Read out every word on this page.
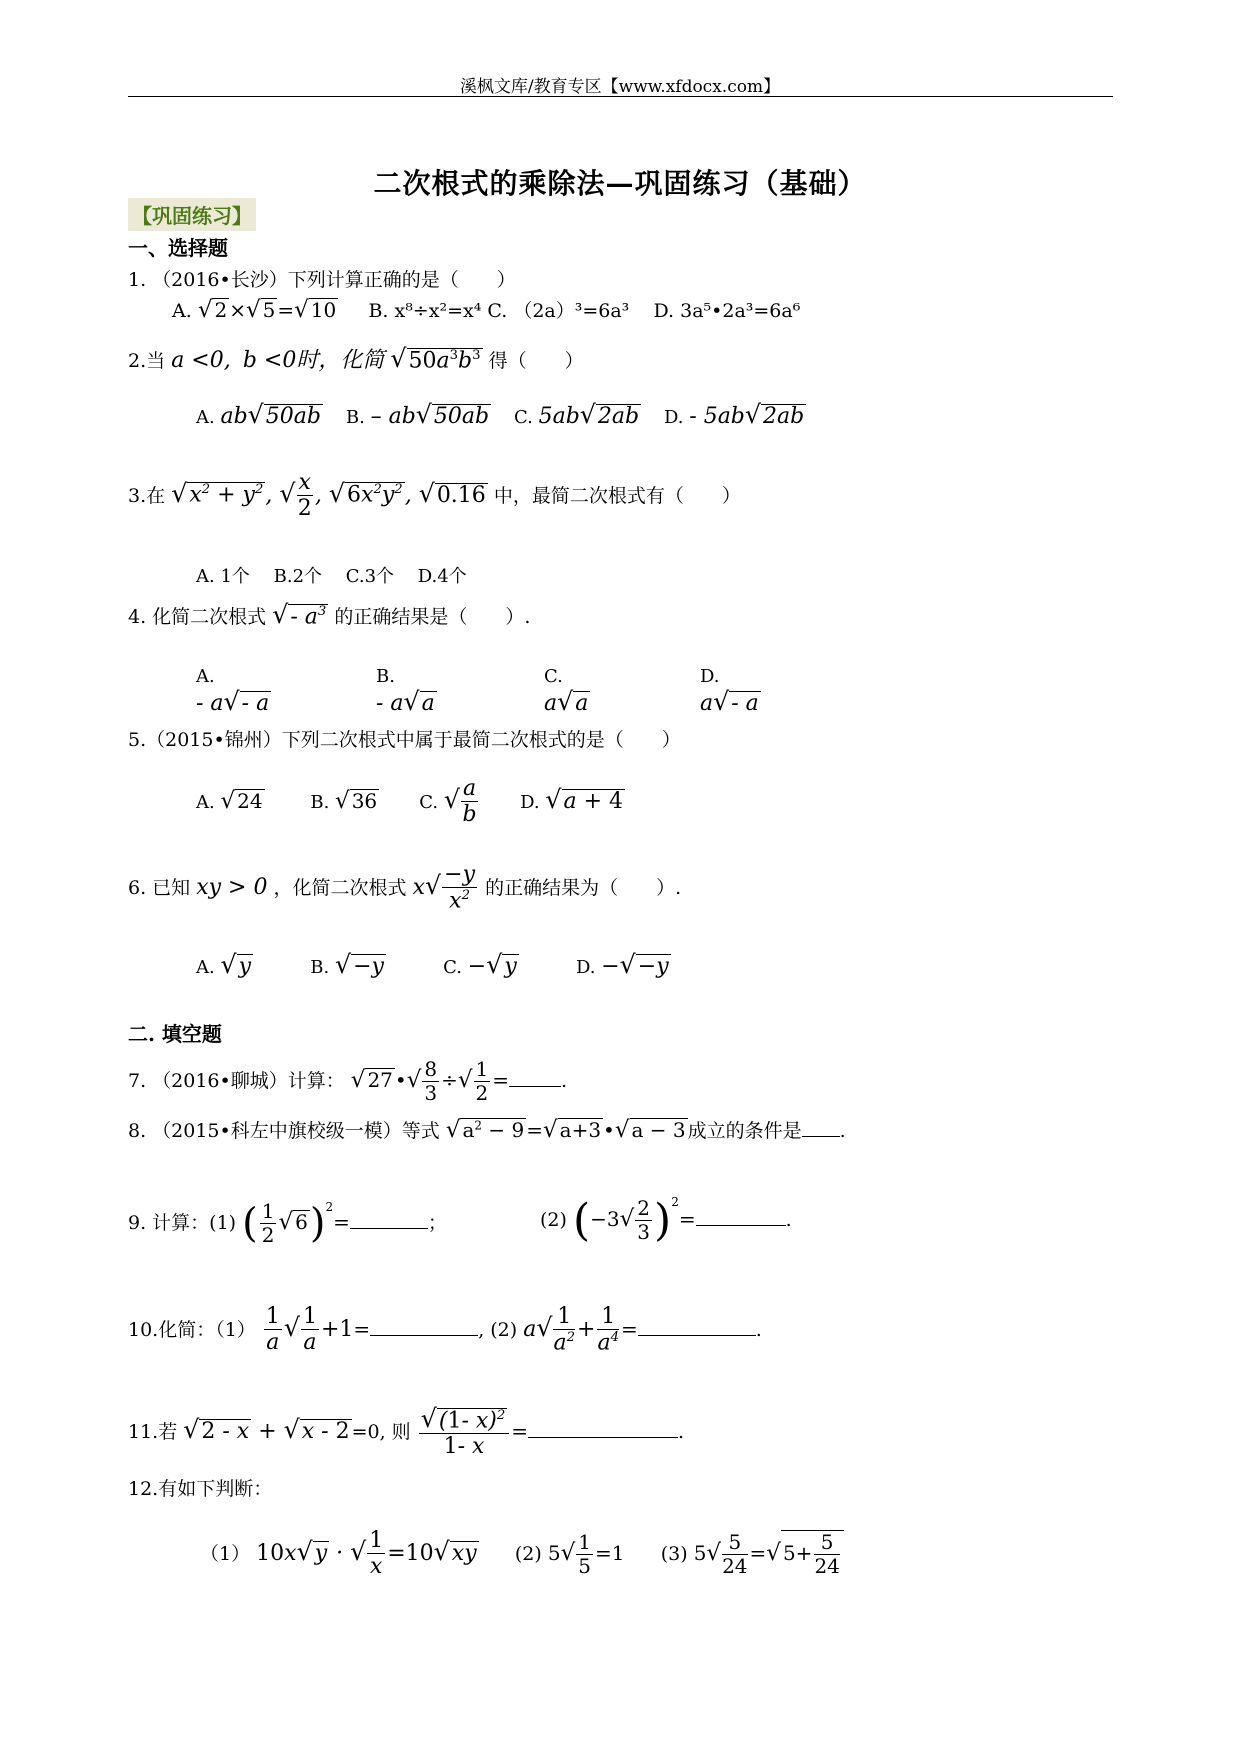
溪枫文库/教育专区【www.xfdocx.com】
二次根式的乘除法—巩固练习（基础）
【巩固练习】
一、选择题
1. （2016•长沙）下列计算正确的是（　　）
A. √ 2 ×√ 5 =√ 10 B. x⁸÷x²=x⁴ C. （2a）³=6a³ D. 3a⁵•2a³=6a⁶
2.当 a <0, b <0时，化简 $√50a^3b^3$ 得（　　）
A. ab√50ab B. – ab√50ab C. 5ab√2ab D. - 5ab√2ab
3.在 $√x^2 + y^2$, √ $\frac{x}{2}$ , $√6x^2y^2$, √0.16 中，最简二次根式有（　　）
A. 1个　 B.2个　 C.3个　 D.4个
4. 化简二次根式 √- $a^3$ 的正确结果是（　　）.
A.
- a√- a
B.
- a√a
C.
a√a
D.
a√- a
5.（2015•锦州）下列二次根式中属于最简二次根式的是（　　）
A. √ 24	B. √ 36 C. √ $\frac{a}{b} D$. √a + 4
6. 已知 xy > 0 ，化简二次根式 $x√ \frac{-y}{x^2}$ 的正确结果为（　　）.
A. √y	B. √−y	C. −√y	D. −√−y
二. 填空题
7. （2016•聊城）计算： √ 27 •√ $\frac{8}{3}$ ÷√ $\frac{1}{2}$ =	.
8. （2015•科左中旗校级一模）等式 √ $a^2 - 9$ =√ a+3 •√ a − 3 成立的条件是 .
9. 计算：(1) ( $\frac{1}{2}$ √ 6)$^2$=	；	(2) $(-3√ \frac{2}{3} )^2=$	.
10.化简：$(1) \frac{1}{a}$ √ $\frac{1}{a} +1=$	, (2) $a√ \frac{1}{a^2} + \frac{1}{a^4}$ =	.
11.若 √2 - x + √x - 2 =0, 则 $\frac{√(1- x)^2}{1- x}$ =	.
12.有如下判断：
（1） 10x√y · √ $\frac{1}{x} =10√xy$ (2) $5√ \frac{1}{5} =1$ (3) $5√ \frac{5}{24}$ =√ $5+ \frac{5}{24}$
